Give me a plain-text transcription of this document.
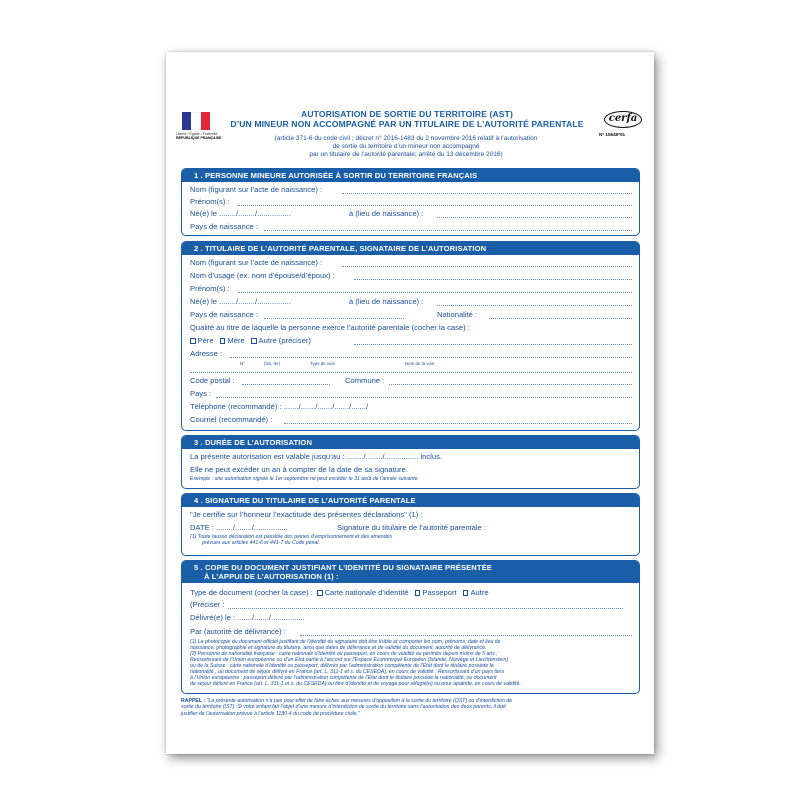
Liberté • Égalité • Fraternité
RÉPUBLIQUE FRANÇAISE
AUTORISATION DE SORTIE DU TERRITOIRE (AST)
D’UN MINEUR NON ACCOMPAGNÉ PAR UN TITULAIRE DE L’AUTORITÉ PARENTALE
(article 371-6 du code civil ; décret n° 2016-1483 du 2 novembre 2016 relatif à l’autorisation
de sortie du territoire d’un mineur non accompagné
par un titulaire de l’autorité parentale; arrêté du 13 décembre 2016)
cerfa
N° 15646*01
1 . PERSONNE MINEURE AUTORISÉE À SORTIR DU TERRITOIRE FRANÇAIS
Nom (figurant sur l’acte de naissance) :
Prénom(s) :
Né(e) le ......../......../................	à (lieu de naissance) :
Pays de naissance :
2 . TITULAIRE DE L’AUTORITÉ PARENTALE, SIGNATAIRE DE L’AUTORISATION
Nom (figurant sur l’acte de naissance) :
Nom d’usage (ex. nom d’épouse/d’époux) :
Prénom(s) :
Né(e) le ......../......../................	à (lieu de naissance) :
Pays de naissance :	Nationalité :
Qualité au titre de laquelle la personne exerce l’autorité parentale (cocher la case) :
Père Mère Autre (préciser)
Adresse :
N°	(bis, ter)	Type de voie	Nom de la voie
Code postal :	Commune :
Pays :
Téléphone (recommandé) : ......./......./......./......./......./
Courriel (recommandé) :
3 . DURÉE DE L’AUTORISATION
La présente autorisation est valable jusqu’au : ......../......../................ inclus.
Elle ne peut excéder un an à compter de la date de sa signature.
Exemple : une autorisation signée le 1er septembre ne peut excéder le 31 août de l’année suivante.
4 . SIGNATURE DU TITULAIRE DE L’AUTORITÉ PARENTALE
"Je certifie sur l’honneur l’exactitude des présentes déclarations" (1) :
DATE : ......../......../................	Signature du titulaire de l’autorité parentale :
(1) Toute fausse déclaration est passible des peines d’emprisonnement et des amendes
prévues aux articles 441-6 et 441-7 du Code pénal.
5 . COPIE DU DOCUMENT JUSTIFIANT L’IDENTITÉ DU SIGNATAIRE PRÉSENTÉE
À L’APPUI DE L’AUTORISATION (1) :
Type de document (cocher la case) : Carte nationale d’identité Passeport Autre
(Préciser :
Délivré(e) le : ......./......./................
Par (autorité de délivrance) :
(1) La photocopie du document officiel justifiant de l’identité du signataire doit être lisible et comporter les nom, prénoms, date et lieu de
naissance, photographie et signature du titulaire, ainsi que dates de délivrance et de validité du document, autorité de délivrance.
(2) Personne de nationalité française : carte nationale d’identité ou passeport, en cours de validité ou périmés depuis moins de 5 ans ;
Ressortissant de l’Union européenne ou d’un État partie à l’accord sur l’Espace Économique Européen (Islande, Norvège et Liechtenstein)
ou de la Suisse : carte nationale d’identité ou passeport, délivrés par l’administration compétente de l’État dont le titulaire possède la
nationalité , ou document de séjour délivré en France (art. L. 311-1 et s. du CESEDA), en cours de validité ; Ressortissant d’un pays tiers
à l’Union européenne : passeport délivré par l’administration compétente de l’État dont le titulaire possède la nationalité, ou document
de séjour délivré en France (art. L. 311-1 et s. du CESEDA) ou titre d’identité et de voyage pour réfugié(e) ou pour apatride, en cours de validité.
RAPPEL : "La présente autorisation n’a pas pour effet de faire échec aux mesures d’opposition à la sortie du territoire (OST) ou d’interdiction de
sortie du territoire (IST). Si votre enfant fait l’objet d’une mesure d’interdiction de sortie du territoire sans l’autorisation des deux parents, il doit
justifier de l’autorisation prévue à l’article 1180-4 du code de procédure civile."
